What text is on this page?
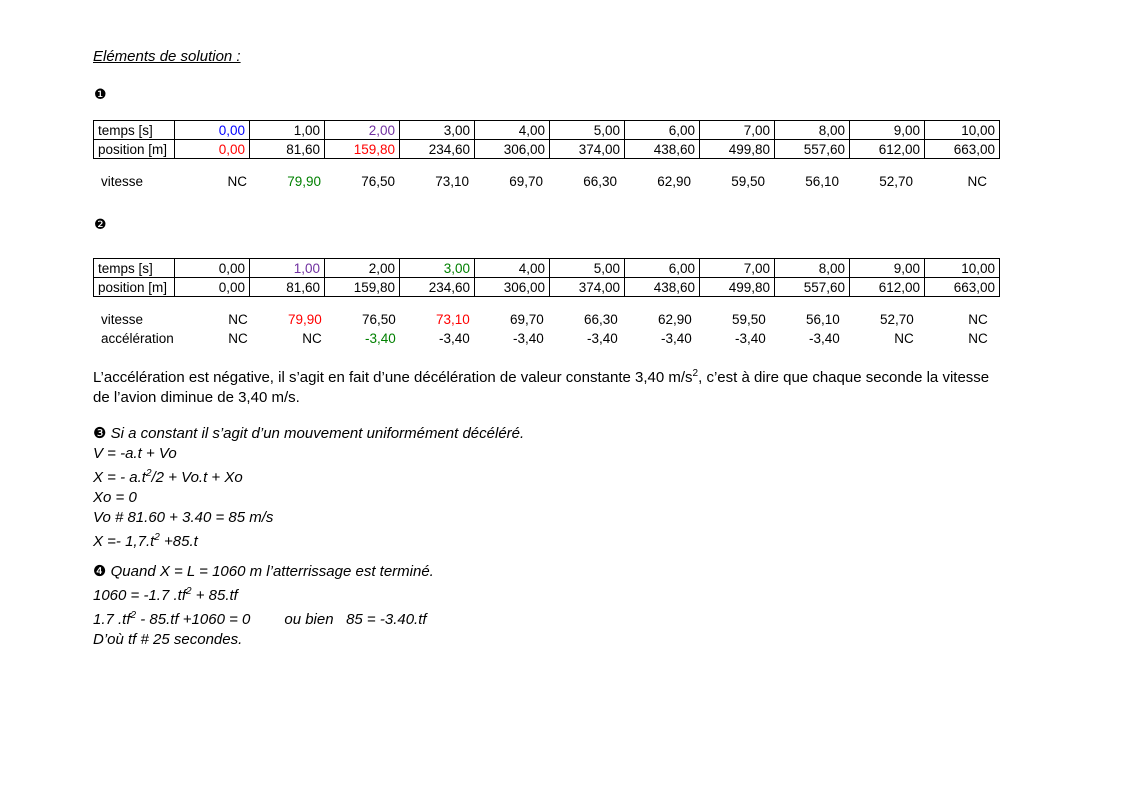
Eléments de solution :
❶
temps [s]	0,00	1,00	2,00	3,00	4,00	5,00	6,00	7,00	8,00	9,00	10,00
position [m]	0,00	81,60	159,80	234,60	306,00	374,00	438,60	499,80	557,60	612,00	663,00
vitesse	NC	79,90	76,50	73,10	69,70	66,30	62,90	59,50	56,10	52,70	NC
❷
temps [s]	0,00	1,00	2,00	3,00	4,00	5,00	6,00	7,00	8,00	9,00	10,00
position [m]	0,00	81,60	159,80	234,60	306,00	374,00	438,60	499,80	557,60	612,00	663,00
vitesse	NC	79,90	76,50	73,10	69,70	66,30	62,90	59,50	56,10	52,70	NC
accélération	NC	NC	-3,40	-3,40	-3,40	-3,40	-3,40	-3,40	-3,40	NC	NC
L’accélération est négative, il s’agit en fait d’une décélération de valeur constante 3,40 $m/s^2$, c’est à dire que chaque seconde la vitesse de l’avion diminue de 3,40 m/s.
❸ Si a constant il s’agit d’un mouvement uniformément décéléré.
V = -a.t + Vo
X = - $a.t^2/2 + Vo.t + Xo$
Xo = 0
Vo # 81.60 + 3.40 = 85 m/s
$X =- 1,7.t^2 +85.t$
❹ Quand X = L = 1060 m l’atterrissage est terminé.
1060 = -1.7 $.tf^2 + 85.tf$
1.7 $.tf^2 - 85.tf +1060 = 0$ ou bien   85 = -3.40.tf
D’où tf # 25 secondes.
